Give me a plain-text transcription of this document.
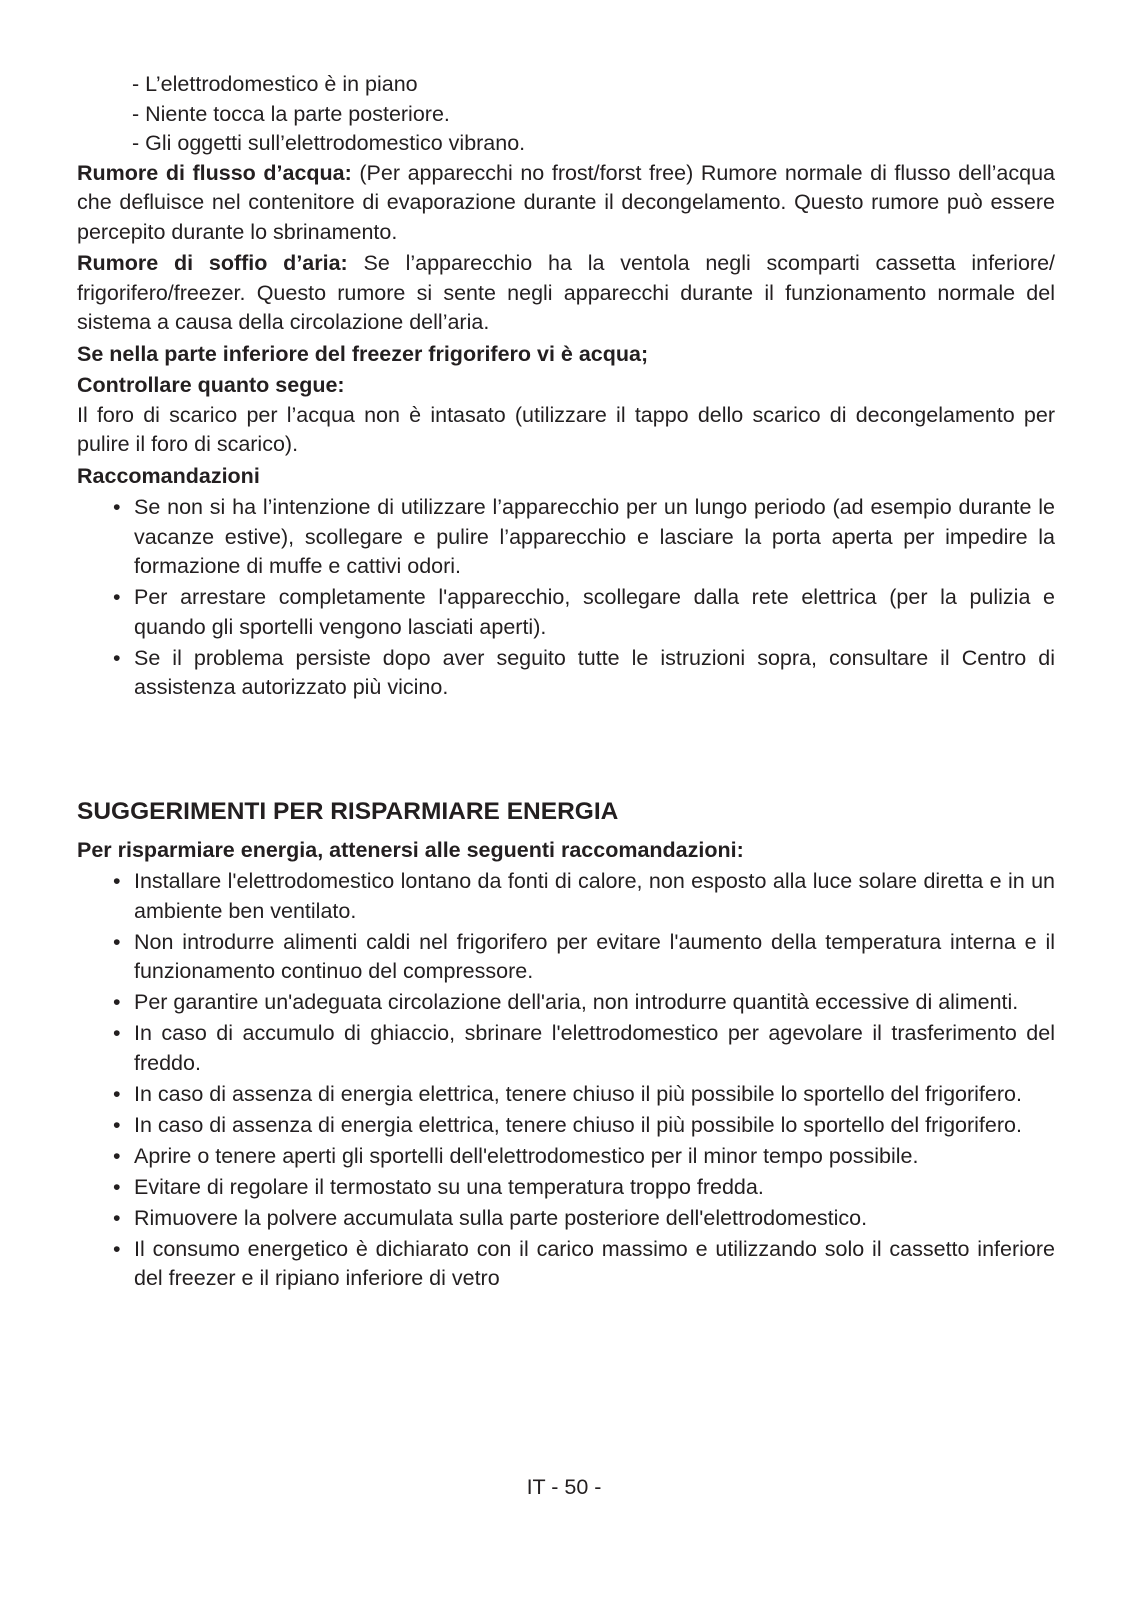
- L’elettrodomestico è in piano
- Niente tocca la parte posteriore.
- Gli oggetti sull’elettrodomestico vibrano.

Rumore di flusso d’acqua: (Per apparecchi no frost/forst free) Rumore normale di flusso dell’acqua che defluisce nel contenitore di evaporazione durante il decongelamento. Questo rumore può essere percepito durante lo sbrinamento.

Rumore di soffio d’aria: Se l’apparecchio ha la ventola negli scomparti cassetta inferiore/ frigorifero/freezer. Questo rumore si sente negli apparecchi durante il funzionamento normale del sistema a causa della circolazione dell’aria.

Se nella parte inferiore del freezer frigorifero vi è acqua;
Controllare quanto segue:

Il foro di scarico per l’acqua non è intasato (utilizzare il tappo dello scarico di decongelamento per pulire il foro di scarico).

Raccomandazioni
• Se non si ha l’intenzione di utilizzare l’apparecchio per un lungo periodo (ad esempio durante le vacanze estive), scollegare e pulire l’apparecchio e lasciare la porta aperta per impedire la formazione di muffe e cattivi odori.
• Per arrestare completamente l'apparecchio, scollegare dalla rete elettrica (per la pulizia e quando gli sportelli vengono lasciati aperti).
• Se il problema persiste dopo aver seguito tutte le istruzioni sopra, consultare il Centro di assistenza autorizzato più vicino.
SUGGERIMENTI PER RISPARMIARE ENERGIA
Per risparmiare energia, attenersi alle seguenti raccomandazioni:
• Installare l'elettrodomestico lontano da fonti di calore, non esposto alla luce solare diretta e in un ambiente ben ventilato.
• Non introdurre alimenti caldi nel frigorifero per evitare l'aumento della temperatura interna e il funzionamento continuo del compressore.
• Per garantire un'adeguata circolazione dell'aria, non introdurre quantità eccessive di alimenti.
• In caso di accumulo di ghiaccio, sbrinare l'elettrodomestico per agevolare il trasferimento del freddo.
• In caso di assenza di energia elettrica, tenere chiuso il più possibile lo sportello del frigorifero.
• In caso di assenza di energia elettrica, tenere chiuso il più possibile lo sportello del frigorifero.
• Aprire o tenere aperti gli sportelli dell'elettrodomestico per il minor tempo possibile.
• Evitare di regolare il termostato su una temperatura troppo fredda.
• Rimuovere la polvere accumulata sulla parte posteriore dell'elettrodomestico.
• Il consumo energetico è dichiarato con il carico massimo e utilizzando solo il cassetto inferiore del freezer e il ripiano inferiore di vetro
IT - 50 -
